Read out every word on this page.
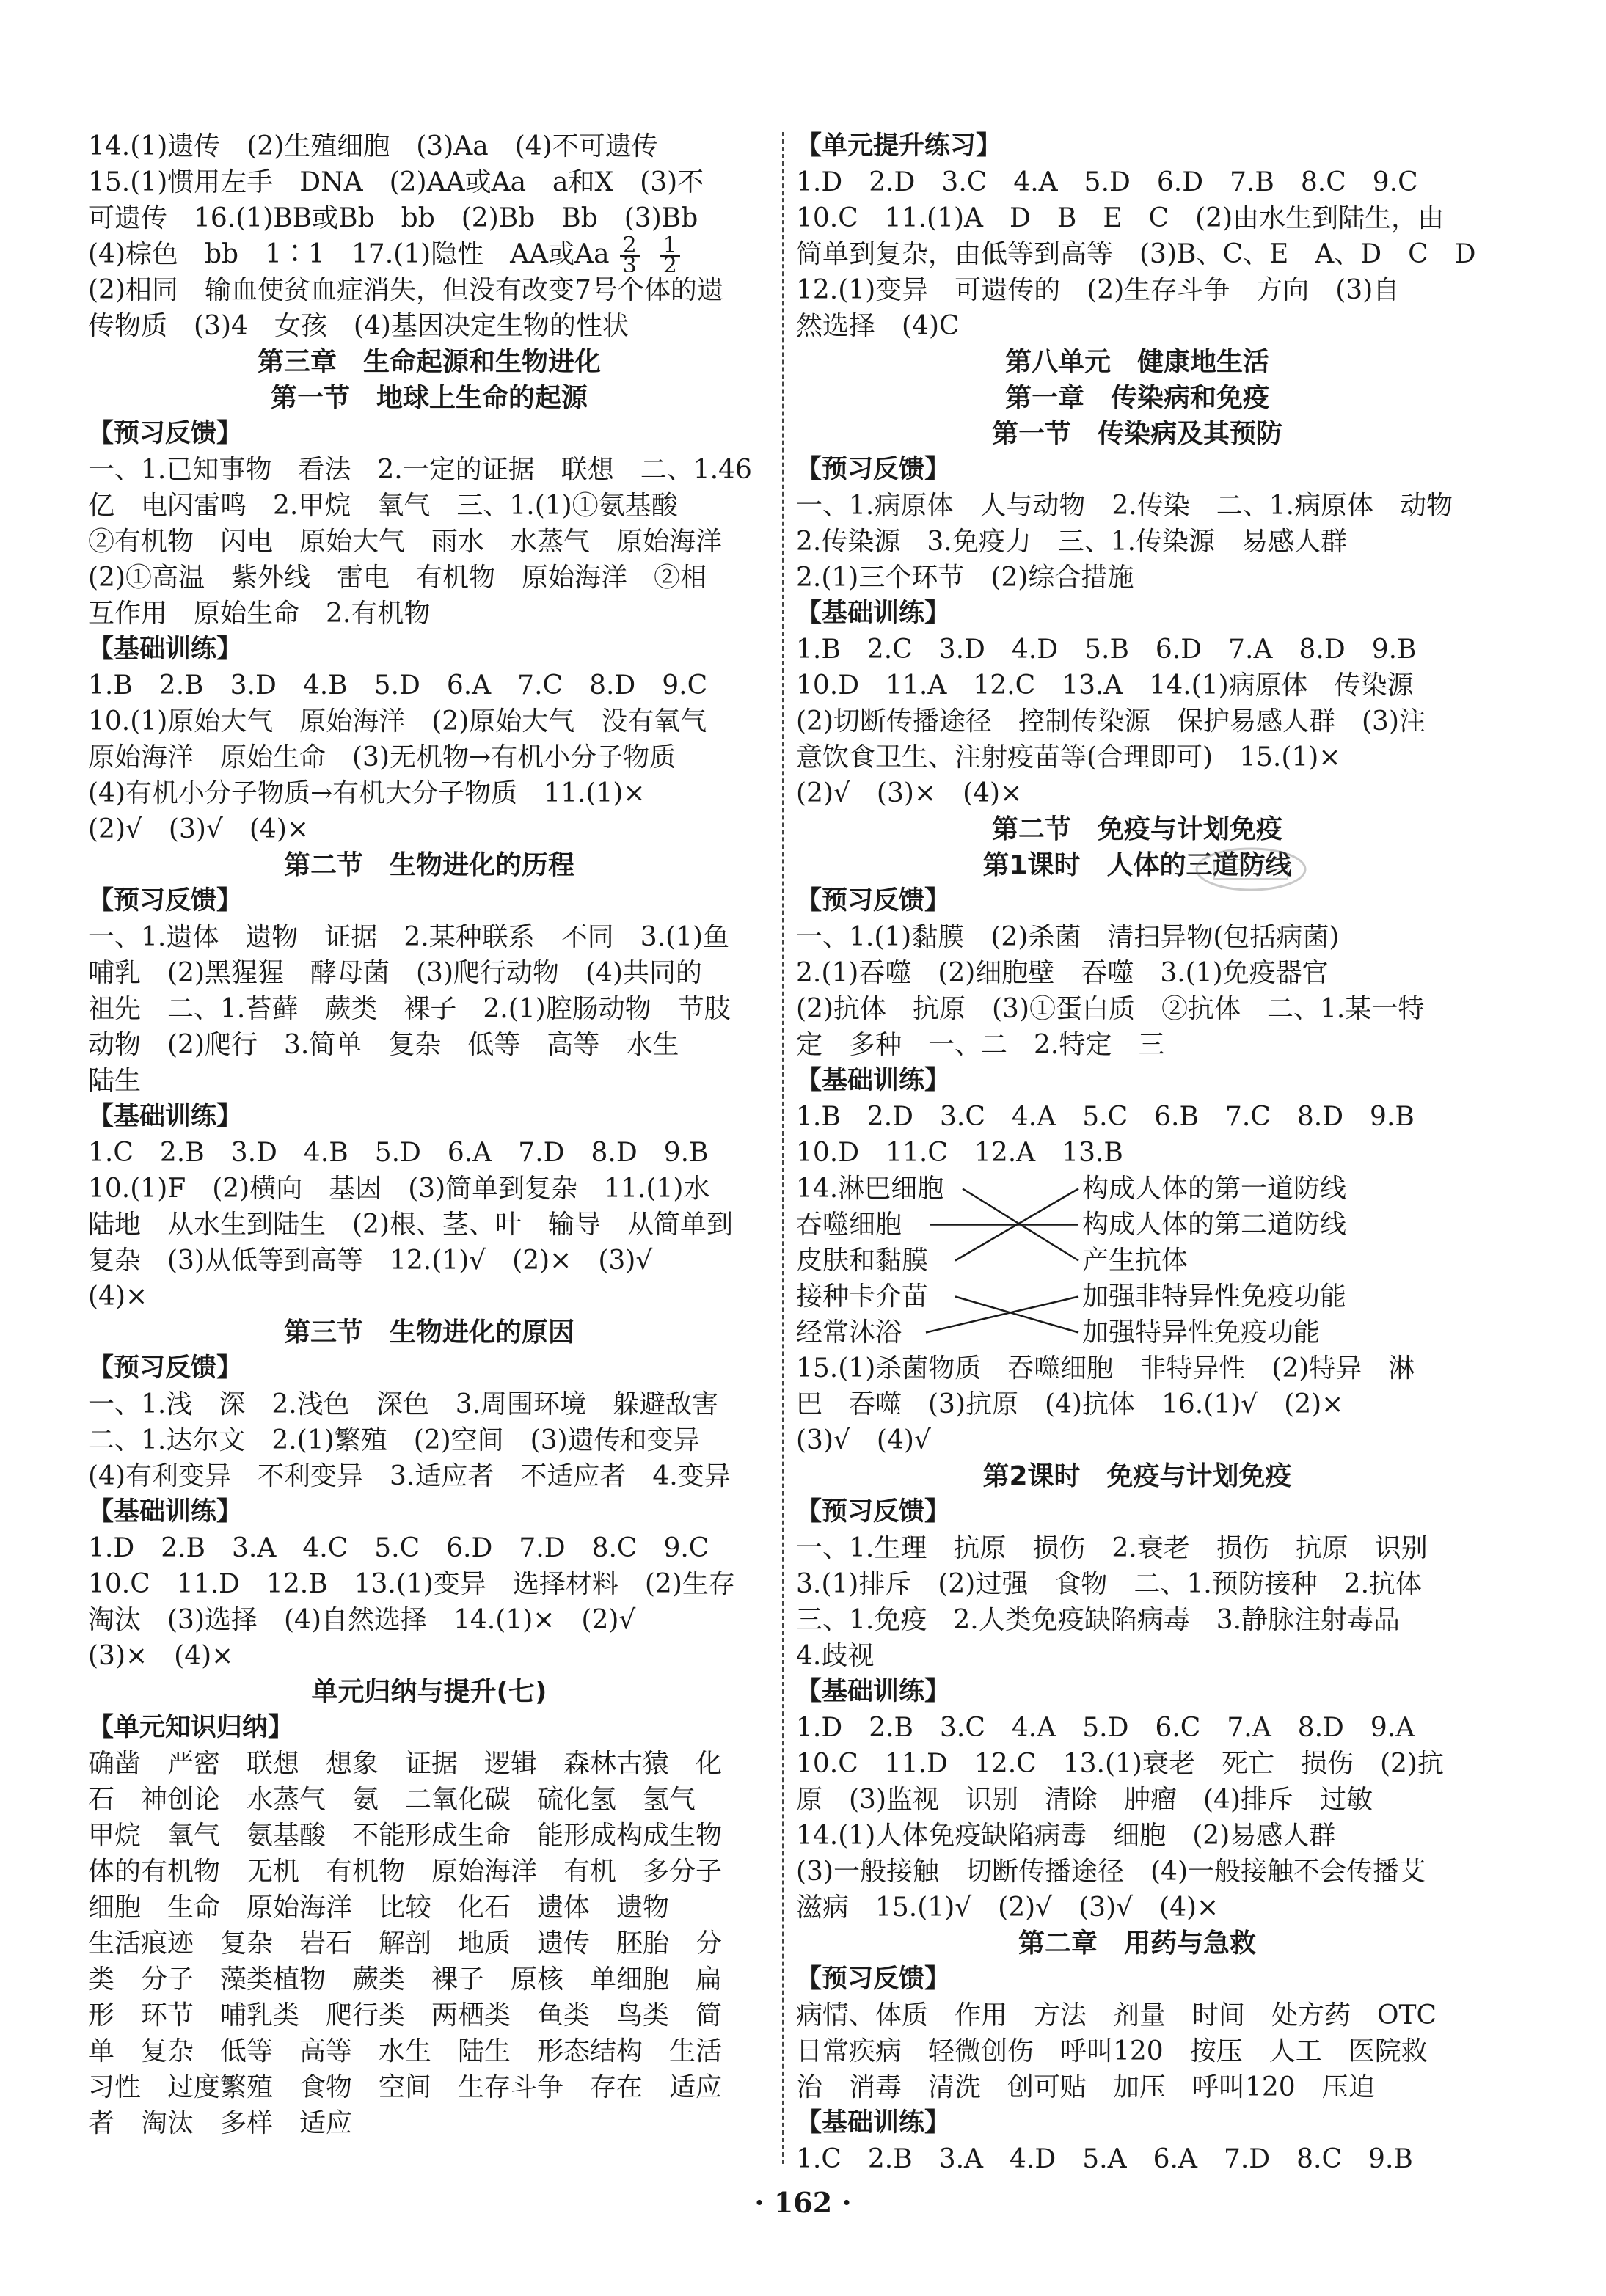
14.(1)遗传　(2)生殖细胞　(3)Aa　(4)不可遗传
15.(1)惯用左手　DNA　(2)AA或Aa　a和X　(3)不
可遗传　16.(1)BB或Bb　bb　(2)Bb　Bb　(3)Bb
(4)棕色　bb　1∶1　17.(1)隐性　AA或Aa $\frac{2}{3} \frac{1}{2}$
(2)相同　输血使贫血症消失，但没有改变7号个体的遗
传物质　(3)4　女孩　(4)基因决定生物的性状
第三章　生命起源和生物进化
第一节　地球上生命的起源
【预习反馈】
一、1.已知事物　看法　2.一定的证据　联想　二、1.46
亿　电闪雷鸣　2.甲烷　氧气　三、1.(1)①氨基酸
②有机物　闪电　原始大气　雨水　水蒸气　原始海洋
(2)①高温　紫外线　雷电　有机物　原始海洋　②相
互作用　原始生命　2.有机物
【基础训练】
1.B　2.B　3.D　4.B　5.D　6.A　7.C　8.D　9.C
10.(1)原始大气　原始海洋　(2)原始大气　没有氧气
原始海洋　原始生命　(3)无机物→有机小分子物质
(4)有机小分子物质→有机大分子物质　11.(1)×
(2)√　(3)√　(4)×
第二节　生物进化的历程
【预习反馈】
一、1.遗体　遗物　证据　2.某种联系　不同　3.(1)鱼
哺乳　(2)黑猩猩　酵母菌　(3)爬行动物　(4)共同的
祖先　二、1.苔藓　蕨类　裸子　2.(1)腔肠动物　节肢
动物　(2)爬行　3.简单　复杂　低等　高等　水生
陆生
【基础训练】
1.C　2.B　3.D　4.B　5.D　6.A　7.D　8.D　9.B
10.(1)F　(2)横向　基因　(3)简单到复杂　11.(1)水
陆地　从水生到陆生　(2)根、茎、叶　输导　从简单到
复杂　(3)从低等到高等　12.(1)√　(2)×　(3)√
(4)×
第三节　生物进化的原因
【预习反馈】
一、1.浅　深　2.浅色　深色　3.周围环境　躲避敌害
二、1.达尔文　2.(1)繁殖　(2)空间　(3)遗传和变异
(4)有利变异　不利变异　3.适应者　不适应者　4.变异
【基础训练】
1.D　2.B　3.A　4.C　5.C　6.D　7.D　8.C　9.C
10.C　11.D　12.B　13.(1)变异　选择材料　(2)生存
淘汰　(3)选择　(4)自然选择　14.(1)×　(2)√
(3)×　(4)×
单元归纳与提升(七)
【单元知识归纳】
确凿　严密　联想　想象　证据　逻辑　森林古猿　化
石　神创论　水蒸气　氨　二氧化碳　硫化氢　氢气
甲烷　氧气　氨基酸　不能形成生命　能形成构成生物
体的有机物　无机　有机物　原始海洋　有机　多分子
细胞　生命　原始海洋　比较　化石　遗体　遗物
生活痕迹　复杂　岩石　解剖　地质　遗传　胚胎　分
类　分子　藻类植物　蕨类　裸子　原核　单细胞　扁
形　环节　哺乳类　爬行类　两栖类　鱼类　鸟类　简
单　复杂　低等　高等　水生　陆生　形态结构　生活
习性　过度繁殖　食物　空间　生存斗争　存在　适应
者　淘汰　多样　适应
【单元提升练习】
1.D　2.D　3.C　4.A　5.D　6.D　7.B　8.C　9.C
10.C　11.(1)A　D　B　E　C　(2)由水生到陆生，由
简单到复杂，由低等到高等　(3)B、C、E　A、D　C　D
12.(1)变异　可遗传的　(2)生存斗争　方向　(3)自
然选择　(4)C
第八单元　健康地生活
第一章　传染病和免疫
第一节　传染病及其预防
【预习反馈】
一、1.病原体　人与动物　2.传染　二、1.病原体　动物
2.传染源　3.免疫力　三、1.传染源　易感人群
2.(1)三个环节　(2)综合措施
【基础训练】
1.B　2.C　3.D　4.D　5.B　6.D　7.A　8.D　9.B
10.D　11.A　12.C　13.A　14.(1)病原体　传染源
(2)切断传播途径　控制传染源　保护易感人群　(3)注
意饮食卫生、注射疫苗等(合理即可)　15.(1)×
(2)√　(3)×　(4)×
第二节　免疫与计划免疫
第1课时　人体的三道防线
【预习反馈】
一、1.(1)黏膜　(2)杀菌　清扫异物(包括病菌)
2.(1)吞噬　(2)细胞壁　吞噬　3.(1)免疫器官
(2)抗体　抗原　(3)①蛋白质　②抗体　二、1.某一特
定　多种　一、二　2.特定　三
【基础训练】
1.B　2.D　3.C　4.A　5.C　6.B　7.C　8.D　9.B
10.D　11.C　12.A　13.B
14.淋巴细胞
吞噬细胞
皮肤和黏膜
接种卡介苗
经常沐浴
构成人体的第一道防线
构成人体的第二道防线
产生抗体
加强非特异性免疫功能
加强特异性免疫功能
15.(1)杀菌物质　吞噬细胞　非特异性　(2)特异　淋
巴　吞噬　(3)抗原　(4)抗体　16.(1)√　(2)×
(3)√　(4)√
第2课时　免疫与计划免疫
【预习反馈】
一、1.生理　抗原　损伤　2.衰老　损伤　抗原　识别
3.(1)排斥　(2)过强　食物　二、1.预防接种　2.抗体
三、1.免疫　2.人类免疫缺陷病毒　3.静脉注射毒品
4.歧视
【基础训练】
1.D　2.B　3.C　4.A　5.D　6.C　7.A　8.D　9.A
10.C　11.D　12.C　13.(1)衰老　死亡　损伤　(2)抗
原　(3)监视　识别　清除　肿瘤　(4)排斥　过敏
14.(1)人体免疫缺陷病毒　细胞　(2)易感人群
(3)一般接触　切断传播途径　(4)一般接触不会传播艾
滋病　15.(1)√　(2)√　(3)√　(4)×
第二章　用药与急救
【预习反馈】
病情、体质　作用　方法　剂量　时间　处方药　OTC
日常疾病　轻微创伤　呼叫120　按压　人工　医院救
治　消毒　清洗　创可贴　加压　呼叫120　压迫
【基础训练】
1.C　2.B　3.A　4.D　5.A　6.A　7.D　8.C　9.B
· 162 ·
